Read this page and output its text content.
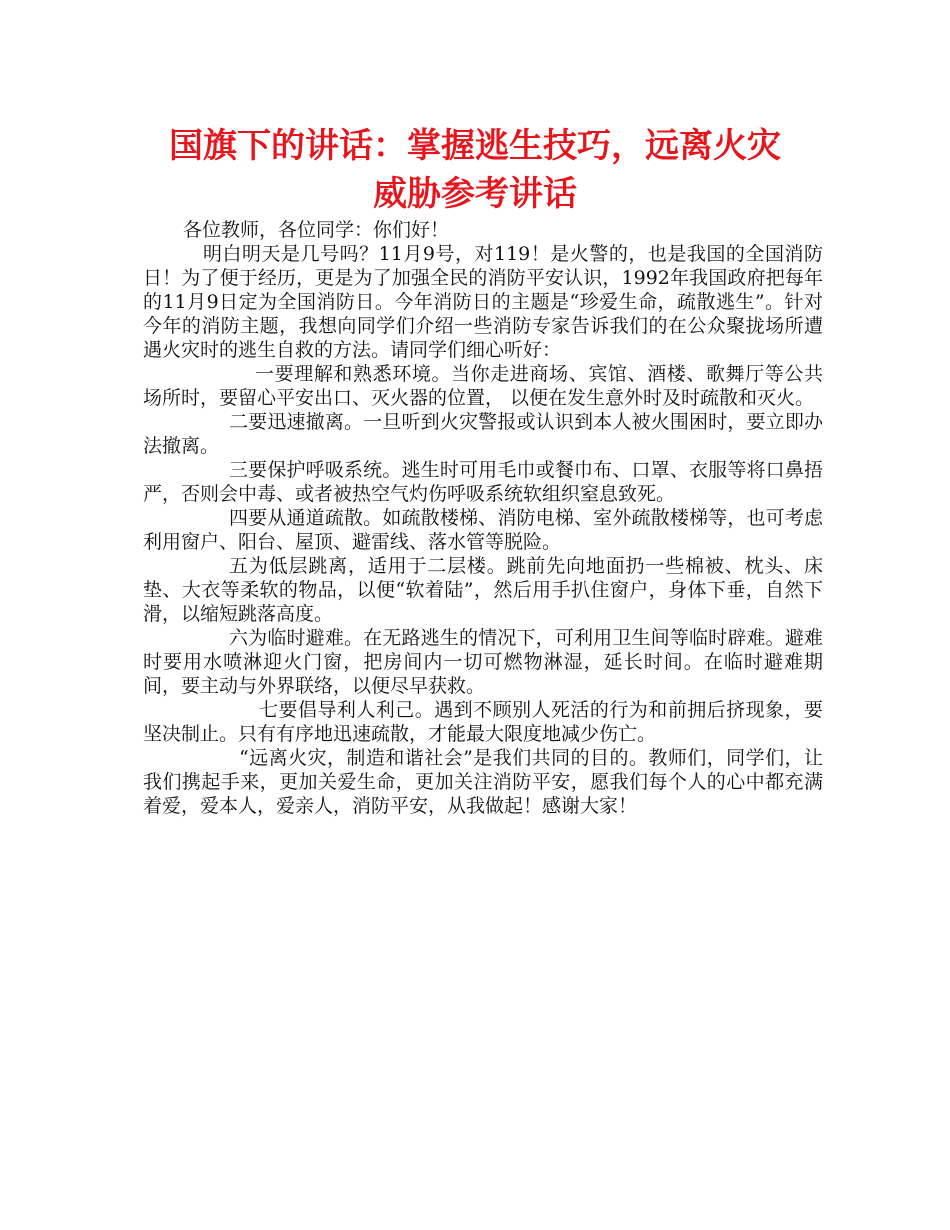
国旗下的讲话：掌握逃生技巧，远离火灾
威胁参考讲话

各位教师，各位同学：你们好！

明白明天是几号吗？11月9号，对119！是火警的，也是我国的全国消防日！为了便于经历，更是为了加强全民的消防平安认识，1992年我国政府把每年的11月9日定为全国消防日。今年消防日的主题是“珍爱生命，疏散逃生”。针对今年的消防主题，我想向同学们介绍一些消防专家告诉我们的在公众聚拢场所遭遇火灾时的逃生自救的方法。请同学们细心听好：

一要理解和熟悉环境。当你走进商场、宾馆、酒楼、歌舞厅等公共场所时，要留心平安出口、灭火器的位置， 以便在发生意外时及时疏散和灭火。

二要迅速撤离。一旦听到火灾警报或认识到本人被火围困时，要立即办法撤离。

三要保护呼吸系统。逃生时可用毛巾或餐巾布、口罩、衣服等将口鼻捂严，否则会中毒、或者被热空气灼伤呼吸系统软组织窒息致死。

四要从通道疏散。如疏散楼梯、消防电梯、室外疏散楼梯等，也可考虑利用窗户、阳台、屋顶、避雷线、落水管等脱险。

五为低层跳离，适用于二层楼。跳前先向地面扔一些棉被、枕头、床垫、大衣等柔软的物品，以便“软着陆”，然后用手扒住窗户，身体下垂，自然下滑，以缩短跳落高度。

六为临时避难。在无路逃生的情况下，可利用卫生间等临时辟难。避难时要用水喷淋迎火门窗，把房间内一切可燃物淋湿，延长时间。在临时避难期间，要主动与外界联络，以便尽早获救。

七要倡导利人利己。遇到不顾别人死活的行为和前拥后挤现象，要坚决制止。只有有序地迅速疏散，才能最大限度地减少伤亡。

“远离火灾，制造和谐社会”是我们共同的目的。教师们，同学们，让我们携起手来，更加关爱生命，更加关注消防平安，愿我们每个人的心中都充满着爱，爱本人，爱亲人，消防平安，从我做起！感谢大家！
